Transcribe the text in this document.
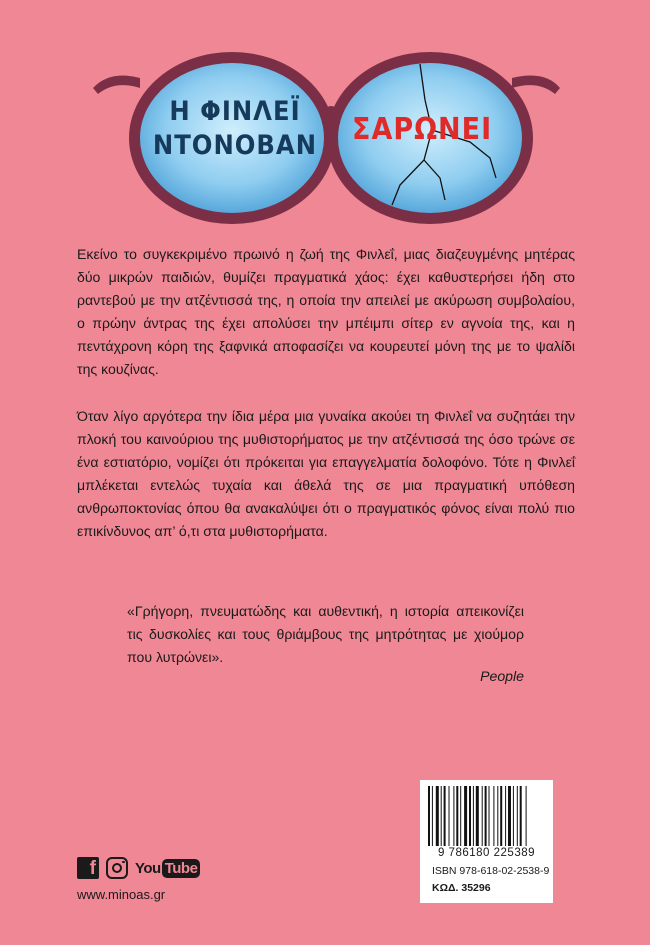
Η ΦΙΝΛΕΪ
ΝΤΟΝΟΒΑΝ ΣΑΡΩΝΕΙ

Εκείνο το συγκεκριμένο πρωινό η ζωή της Φινλεΐ, μιας διαζευγμένης μητέρας δύο μικρών παιδιών, θυμίζει πραγματικά χάος: έχει καθυστερήσει ήδη στο ραντεβού με την ατζέντισσά της, η οποία την απειλεί με ακύρωση συμβολαίου, ο πρώην άντρας της έχει απολύσει την μπέιμπι σίτερ εν αγνοία της, και η πεντάχρονη κόρη της ξαφνικά αποφασίζει να κουρευτεί μόνη της με το ψαλίδι της κουζίνας.

Όταν λίγο αργότερα την ίδια μέρα μια γυναίκα ακούει τη Φινλεΐ να συζητάει την πλοκή του καινούριου της μυθιστορήματος με την ατζέντισσά της όσο τρώνε σε ένα εστιατόριο, νομίζει ότι πρόκειται για επαγγελματία δολοφόνο. Τότε η Φινλεΐ μπλέκεται εντελώς τυχαία και άθελά της σε μια πραγματική υπόθεση ανθρωποκτονίας όπου θα ανακαλύψει ότι ο πραγματικός φόνος είναι πολύ πιο επικίνδυνος απ’ ό,τι στα μυθιστορήματα.

«Γρήγορη, πνευματώδης και αυθεντική, η ιστορία απεικονίζει τις δυσκολίες και τους θριάμβους της μητρότητας με χιούμορ που λυτρώνει».

People
f	You Tube
www.minoas.gr
9 786180 225389
ISBN 978-618-02-2538-9
ΚΩΔ. 35296
